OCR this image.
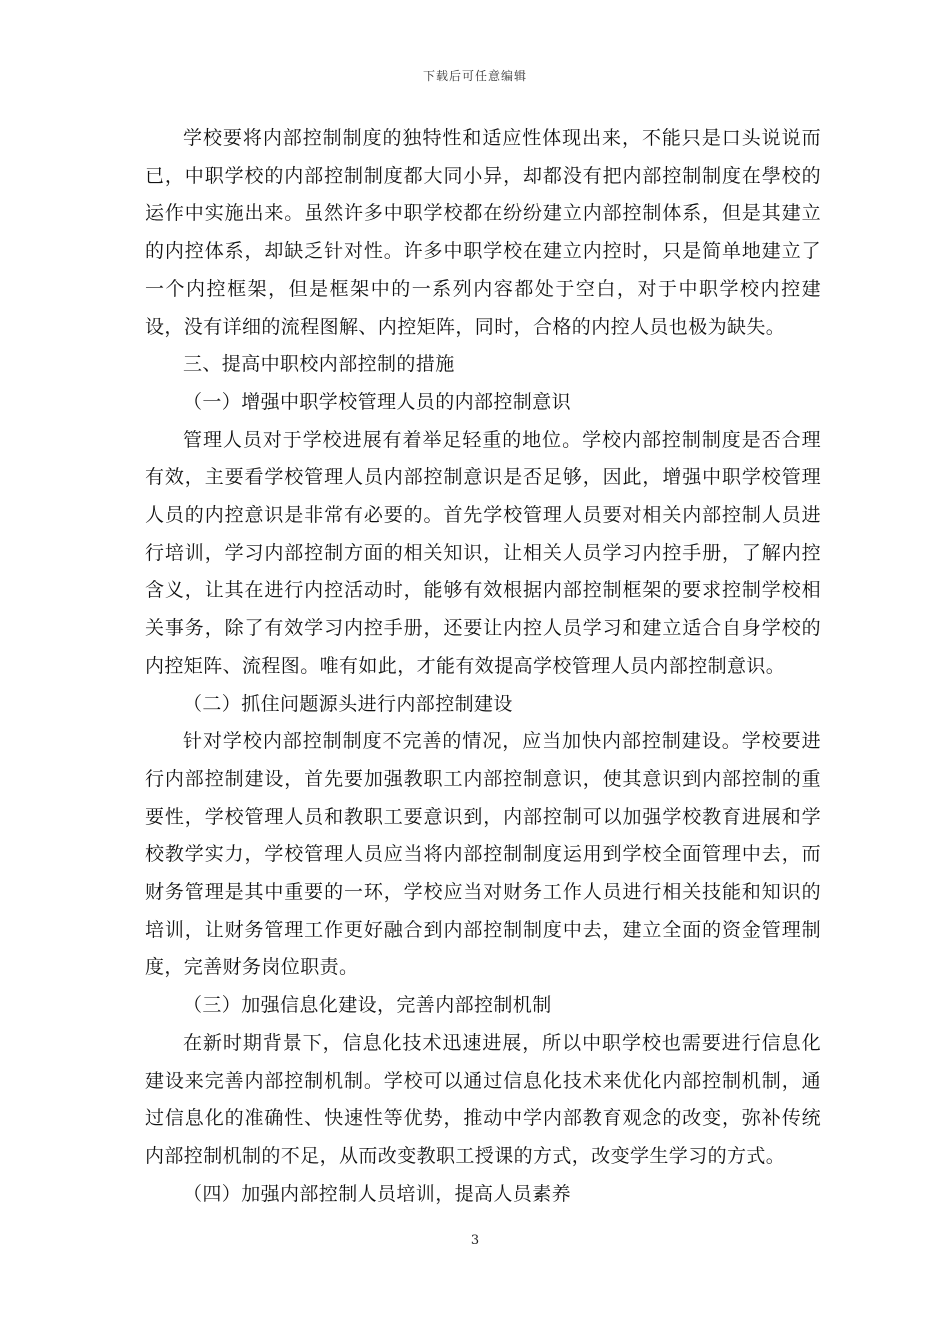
下载后可任意编辑

学校要将内部控制制度的独特性和适应性体现出来，不能只是口头说说而已，中职学校的内部控制制度都大同小异，却都没有把内部控制制度在學校的运作中实施出来。虽然许多中职学校都在纷纷建立内部控制体系，但是其建立的内控体系，却缺乏针对性。许多中职学校在建立内控时，只是简单地建立了一个内控框架，但是框架中的一系列内容都处于空白，对于中职学校内控建设，没有详细的流程图解、内控矩阵，同时，合格的内控人员也极为缺失。

三、提高中职校内部控制的措施

（一）增强中职学校管理人员的内部控制意识

管理人员对于学校进展有着举足轻重的地位。学校内部控制制度是否合理有效，主要看学校管理人员内部控制意识是否足够，因此，增强中职学校管理人员的内控意识是非常有必要的。首先学校管理人员要对相关内部控制人员进行培训，学习内部控制方面的相关知识，让相关人员学习内控手册，了解内控含义，让其在进行内控活动时，能够有效根据内部控制框架的要求控制学校相关事务，除了有效学习内控手册，还要让内控人员学习和建立适合自身学校的内控矩阵、流程图。唯有如此，才能有效提高学校管理人员内部控制意识。

（二）抓住问题源头进行内部控制建设

针对学校内部控制制度不完善的情况，应当加快内部控制建设。学校要进行内部控制建设，首先要加强教职工内部控制意识，使其意识到内部控制的重要性，学校管理人员和教职工要意识到，内部控制可以加强学校教育进展和学校教学实力，学校管理人员应当将内部控制制度运用到学校全面管理中去，而财务管理是其中重要的一环，学校应当对财务工作人员进行相关技能和知识的培训，让财务管理工作更好融合到内部控制制度中去，建立全面的资金管理制度，完善财务岗位职责。

（三）加强信息化建设，完善内部控制机制

在新时期背景下，信息化技术迅速进展，所以中职学校也需要进行信息化建设来完善内部控制机制。学校可以通过信息化技术来优化内部控制机制，通过信息化的准确性、快速性等优势，推动中学内部教育观念的改变，弥补传统内部控制机制的不足，从而改变教职工授课的方式，改变学生学习的方式。

（四）加强内部控制人员培训，提高人员素养

3
